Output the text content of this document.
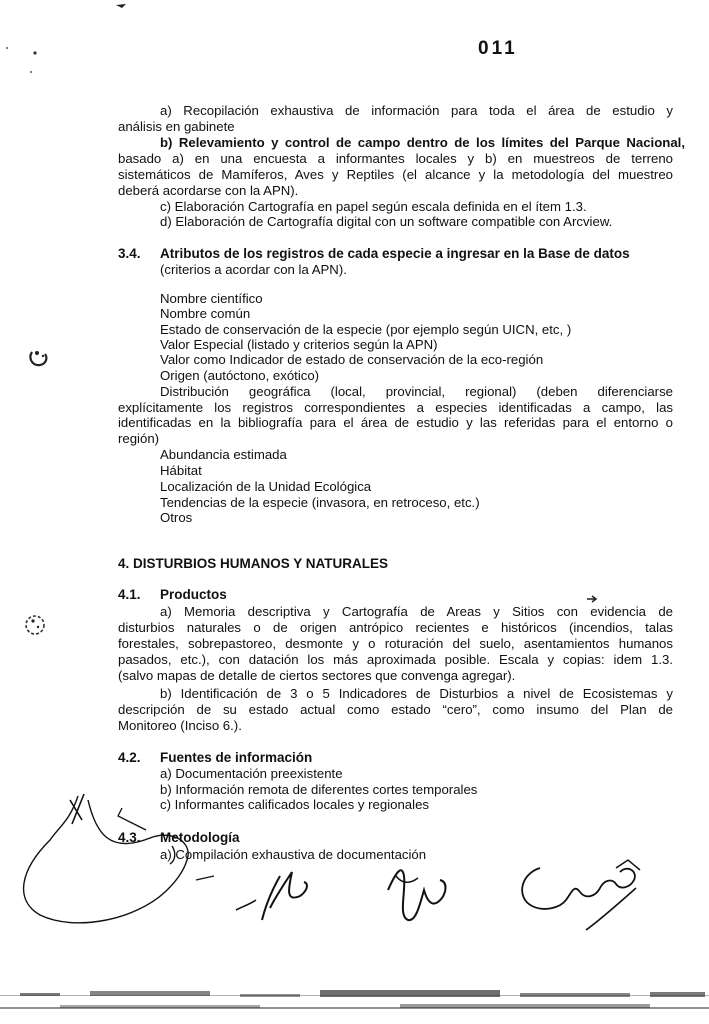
011
a) Recopilación exhaustiva de información para toda el área de estudio y
análisis en gabinete
b) Relevamiento y control de campo dentro de los límites del Parque Nacional,
basado a) en una encuesta a informantes locales y b) en muestreos de terreno
sistemáticos de Mamíferos, Aves y Reptiles (el alcance y la metodología del muestreo
deberá acordarse con la APN).
c) Elaboración Cartografía en papel según escala definida en el ítem 1.3.
d) Elaboración de Cartografía digital con un software compatible con Arcview.
3.4. Atributos de los registros de cada especie a ingresar en la Base de datos
(criterios a acordar con la APN).
Nombre científico
Nombre común
Estado de conservación de la especie (por ejemplo según UICN, etc, )
Valor Especial (listado y criterios según la APN)
Valor como Indicador de estado de conservación de la eco-región
Origen (autóctono, exótico)
Distribución geográfica (local, provincial, regional) (deben diferenciarse
explícitamente los registros correspondientes a especies identificadas a campo, las
identificadas en la bibliografía para el área de estudio y las referidas para el entorno o
región)
Abundancia estimada
Hábitat
Localización de la Unidad Ecológica
Tendencias de la especie (invasora, en retroceso, etc.)
Otros
4. DISTURBIOS HUMANOS Y NATURALES
4.1. Productos
a) Memoria descriptiva y Cartografía de Areas y Sitios con evidencia de
disturbios naturales o de origen antrópico recientes e históricos (incendios, talas
forestales, sobrepastoreo, desmonte y o roturación del suelo, asentamientos humanos
pasados, etc.), con datación los más aproximada posible. Escala y copias: idem 1.3.
(salvo mapas de detalle de ciertos sectores que convenga agregar).
b) Identificación de 3 o 5 Indicadores de Disturbios a nivel de Ecosistemas y
descripción de su estado actual como estado “cero”, como insumo del Plan de
Monitoreo (Inciso 6.).
4.2. Fuentes de información
a) Documentación preexistente
b) Información remota de diferentes cortes temporales
c) Informantes calificados locales y regionales
4.3. Metodología
a) Compilación exhaustiva de documentación
